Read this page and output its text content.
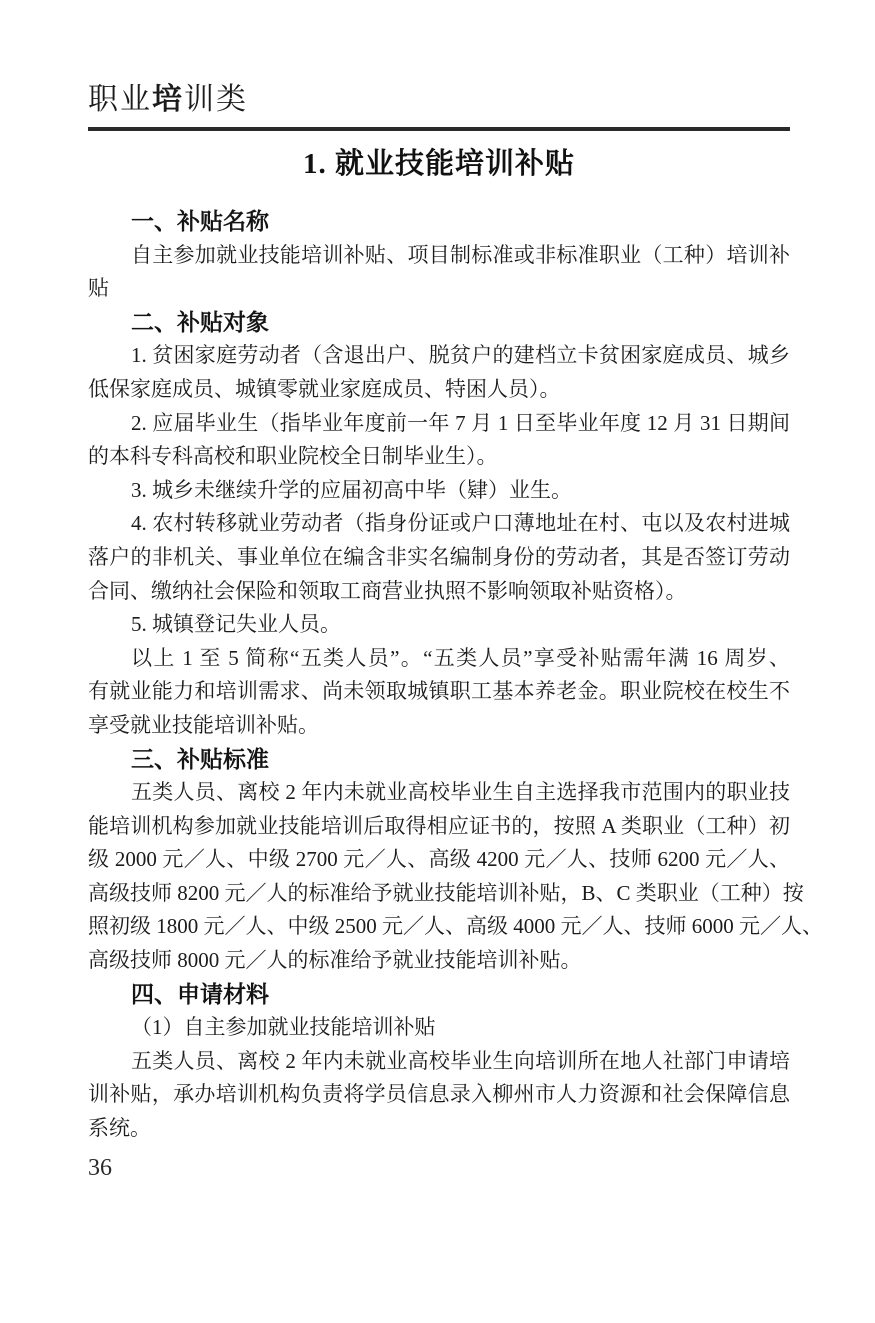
职业培训类
1. 就业技能培训补贴
一、补贴名称
自主参加就业技能培训补贴、项目制标准或非标准职业（工种）培训补
贴
二、补贴对象
1. 贫困家庭劳动者（含退出户、脱贫户的建档立卡贫困家庭成员、城乡
低保家庭成员、城镇零就业家庭成员、特困人员）。
2. 应届毕业生（指毕业年度前一年 7 月 1 日至毕业年度 12 月 31 日期间
的本科专科高校和职业院校全日制毕业生）。
3. 城乡未继续升学的应届初高中毕（肄）业生。
4. 农村转移就业劳动者（指身份证或户口薄地址在村、屯以及农村进城
落户的非机关、事业单位在编含非实名编制身份的劳动者，其是否签订劳动
合同、缴纳社会保险和领取工商营业执照不影响领取补贴资格）。
5. 城镇登记失业人员。
以上 1 至 5 简称“五类人员”。“五类人员”享受补贴需年满 16 周岁、
有就业能力和培训需求、尚未领取城镇职工基本养老金。职业院校在校生不
享受就业技能培训补贴。
三、补贴标准
五类人员、离校 2 年内未就业高校毕业生自主选择我市范围内的职业技
能培训机构参加就业技能培训后取得相应证书的，按照 A 类职业（工种）初
级 2000 元／人、中级 2700 元／人、高级 4200 元／人、技师 6200 元／人、
高级技师 8200 元／人的标准给予就业技能培训补贴，B、C 类职业（工种）按
照初级 1800 元／人、中级 2500 元／人、高级 4000 元／人、技师 6000 元／人、
高级技师 8000 元／人的标准给予就业技能培训补贴。
四、申请材料
（1）自主参加就业技能培训补贴
五类人员、离校 2 年内未就业高校毕业生向培训所在地人社部门申请培
训补贴，承办培训机构负责将学员信息录入柳州市人力资源和社会保障信息
系统。
36
